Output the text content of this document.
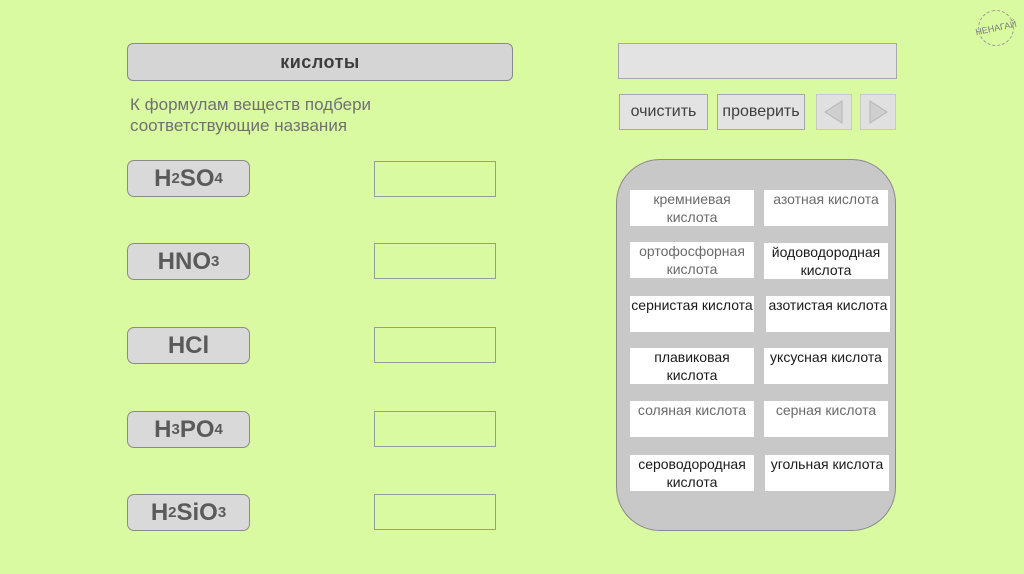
кислоты
К формулам веществ подбери соответствующие названия
H 2 SO 4
HNO 3
HCl
H 3 PO 4
H 2 SiO 3
очистить	проверить
кремниевая кислота
азотная кислота
ортофосфорная кислота
йодоводородная кислота
сернистая кислота азотистая кислота
плавиковая кислота
уксусная кислота
соляная кислота	серная кислота
сероводородная кислота
угольная кислота
НЕНАГАЙ
